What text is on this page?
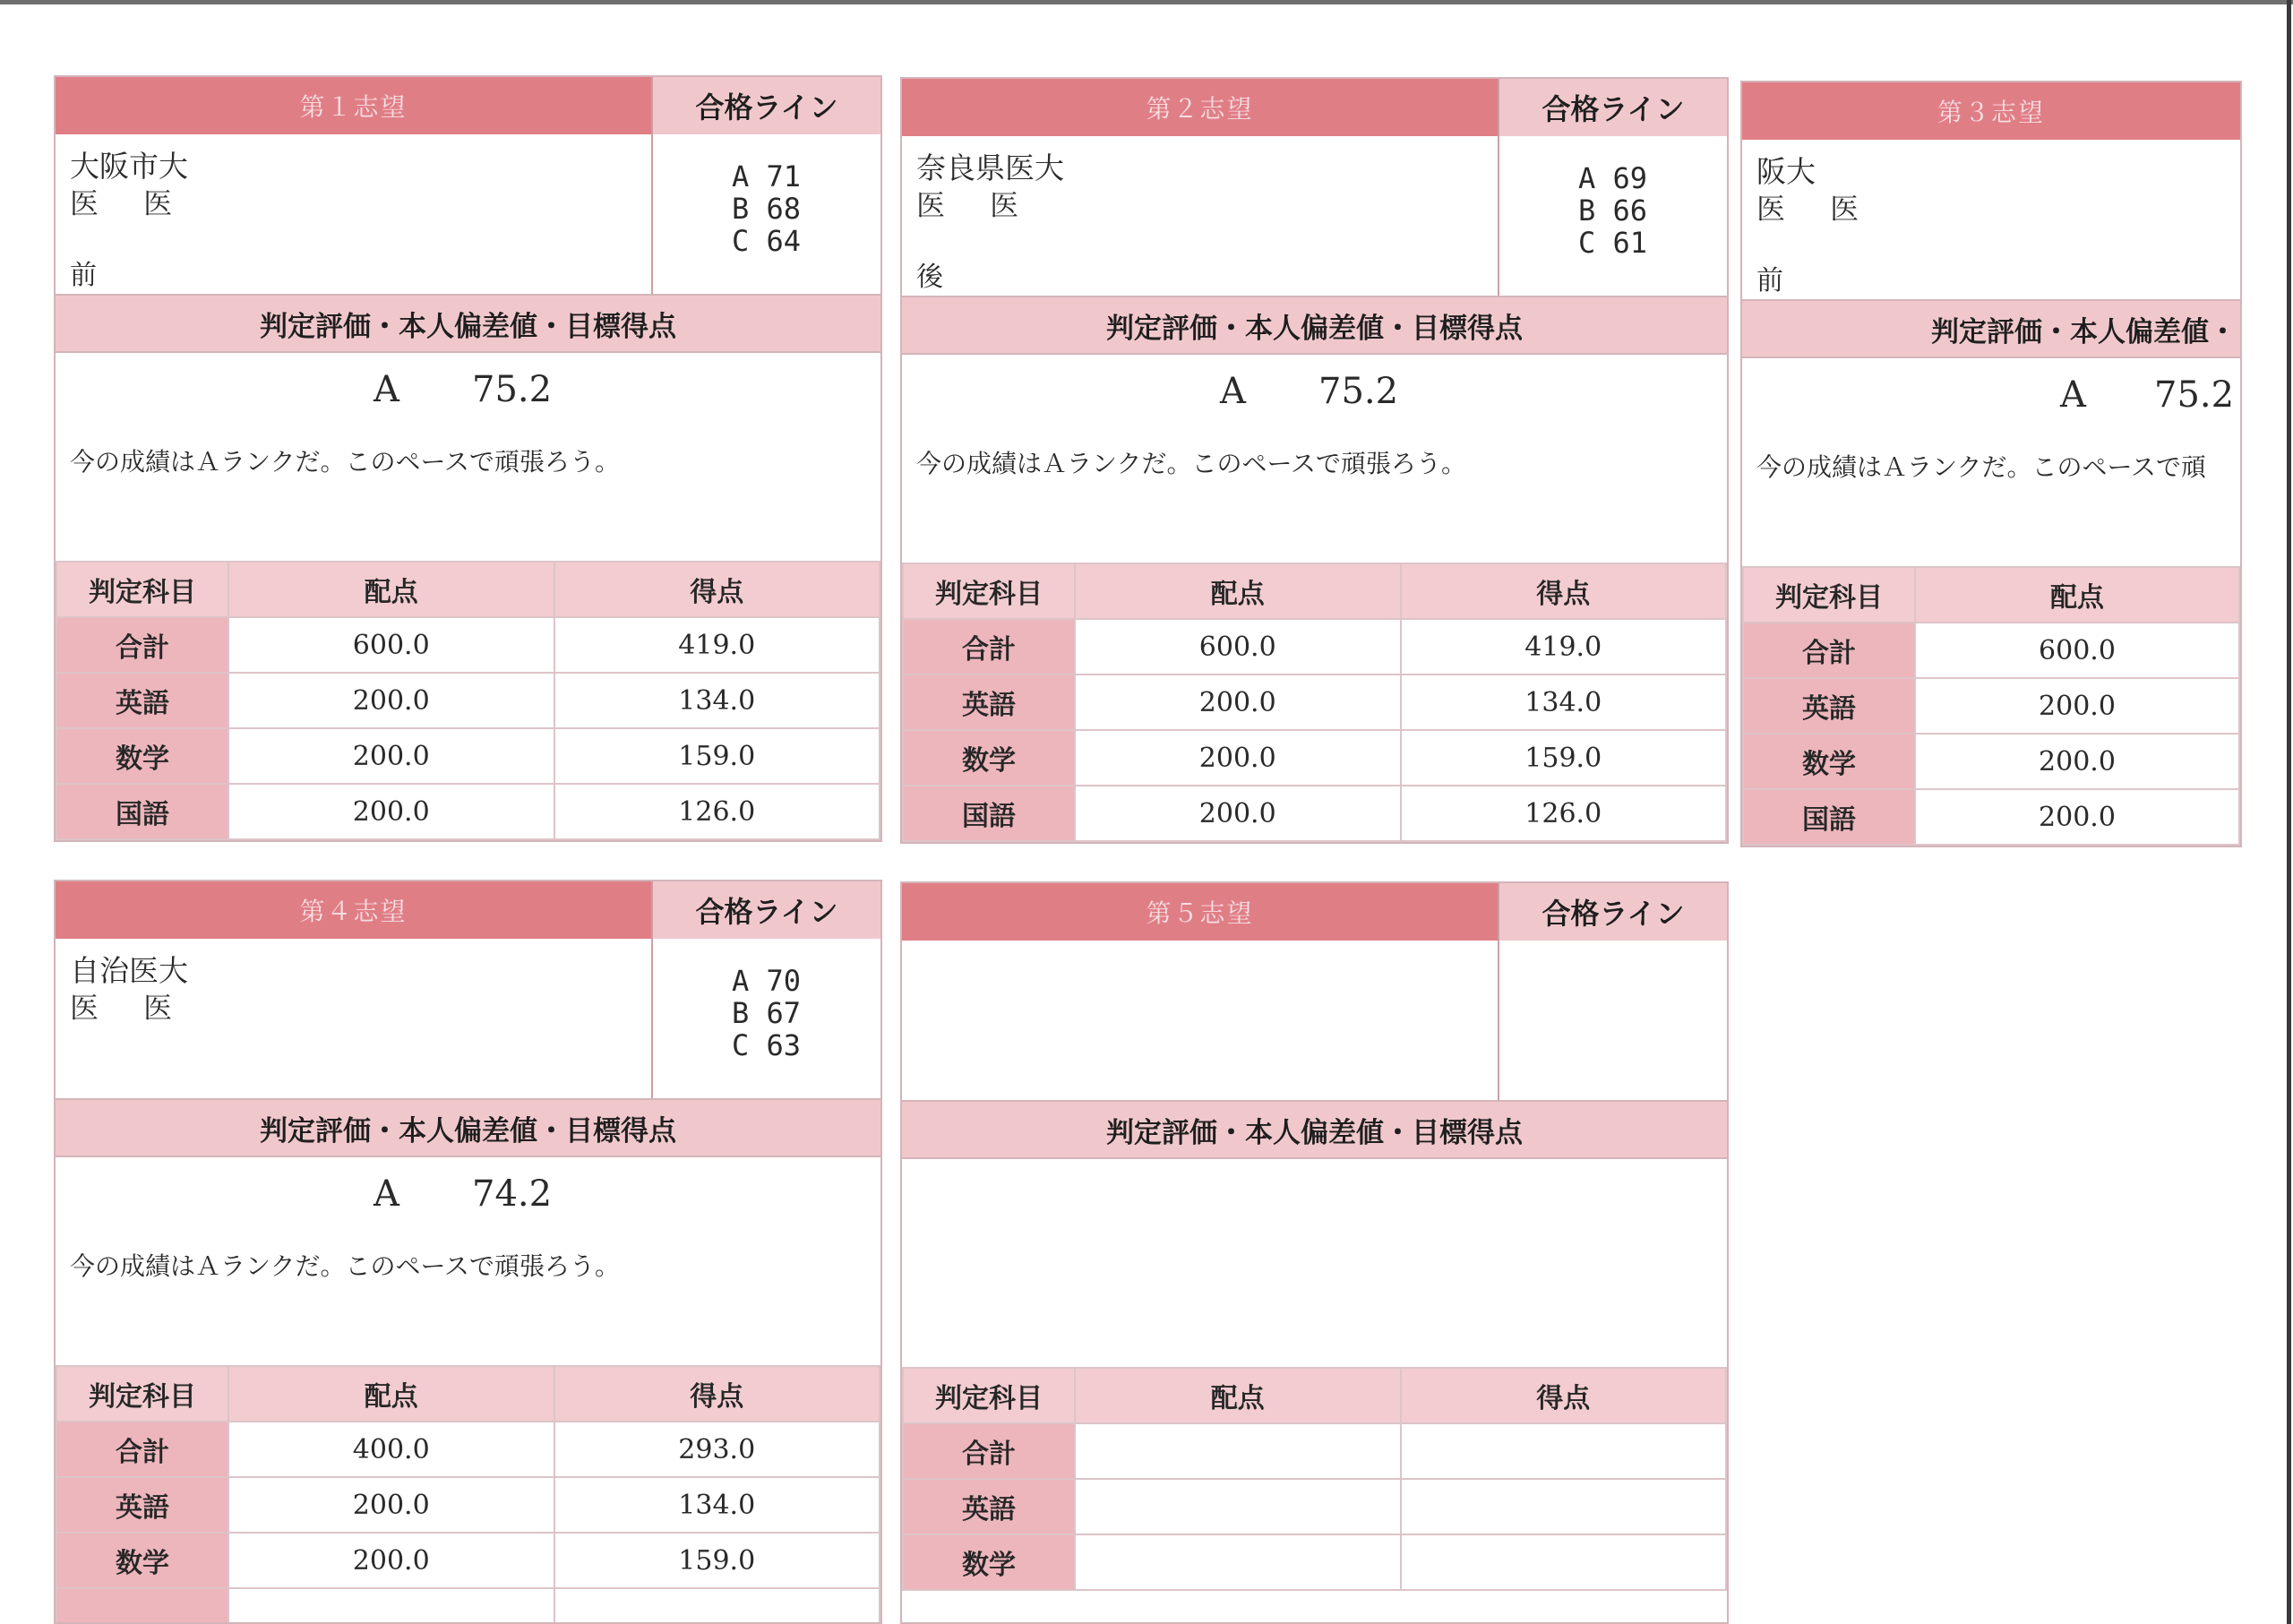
第１志望	合格ライン
大阪市大
医 医
前
A 71
B 68
C 64
判定評価・本人偏差値・目標得点
A 75.2
今の成績はＡランクだ。このペースで頑張ろう。
判定科目	配点	得点
合計	600.0	419.0
英語	200.0	134.0
数学	200.0	159.0
国語	200.0	126.0
第２志望	合格ライン
奈良県医大
医 医
後
A 69
B 66
C 61
判定評価・本人偏差値・目標得点
A 75.2
今の成績はＡランクだ。このペースで頑張ろう。
判定科目	配点	得点
合計	600.0	419.0
英語	200.0	134.0
数学	200.0	159.0
国語	200.0	126.0
第３志望
阪大
医 医
前
判定評価・本人偏差値・
A 75.2
今の成績はＡランクだ。このペースで頑
判定科目	配点	
合計	600.0	
英語	200.0	
数学	200.0	
国語	200.0	
第４志望	合格ライン
自治医大
医 医
A 70
B 67
C 63
判定評価・本人偏差値・目標得点
A 74.2
今の成績はＡランクだ。このペースで頑張ろう。
判定科目	配点	得点
合計	400.0	293.0
英語	200.0	134.0
数学	200.0	159.0

第５志望	合格ライン
判定評価・本人偏差値・目標得点
判定科目	配点	得点
合計		
英語		
数学		
